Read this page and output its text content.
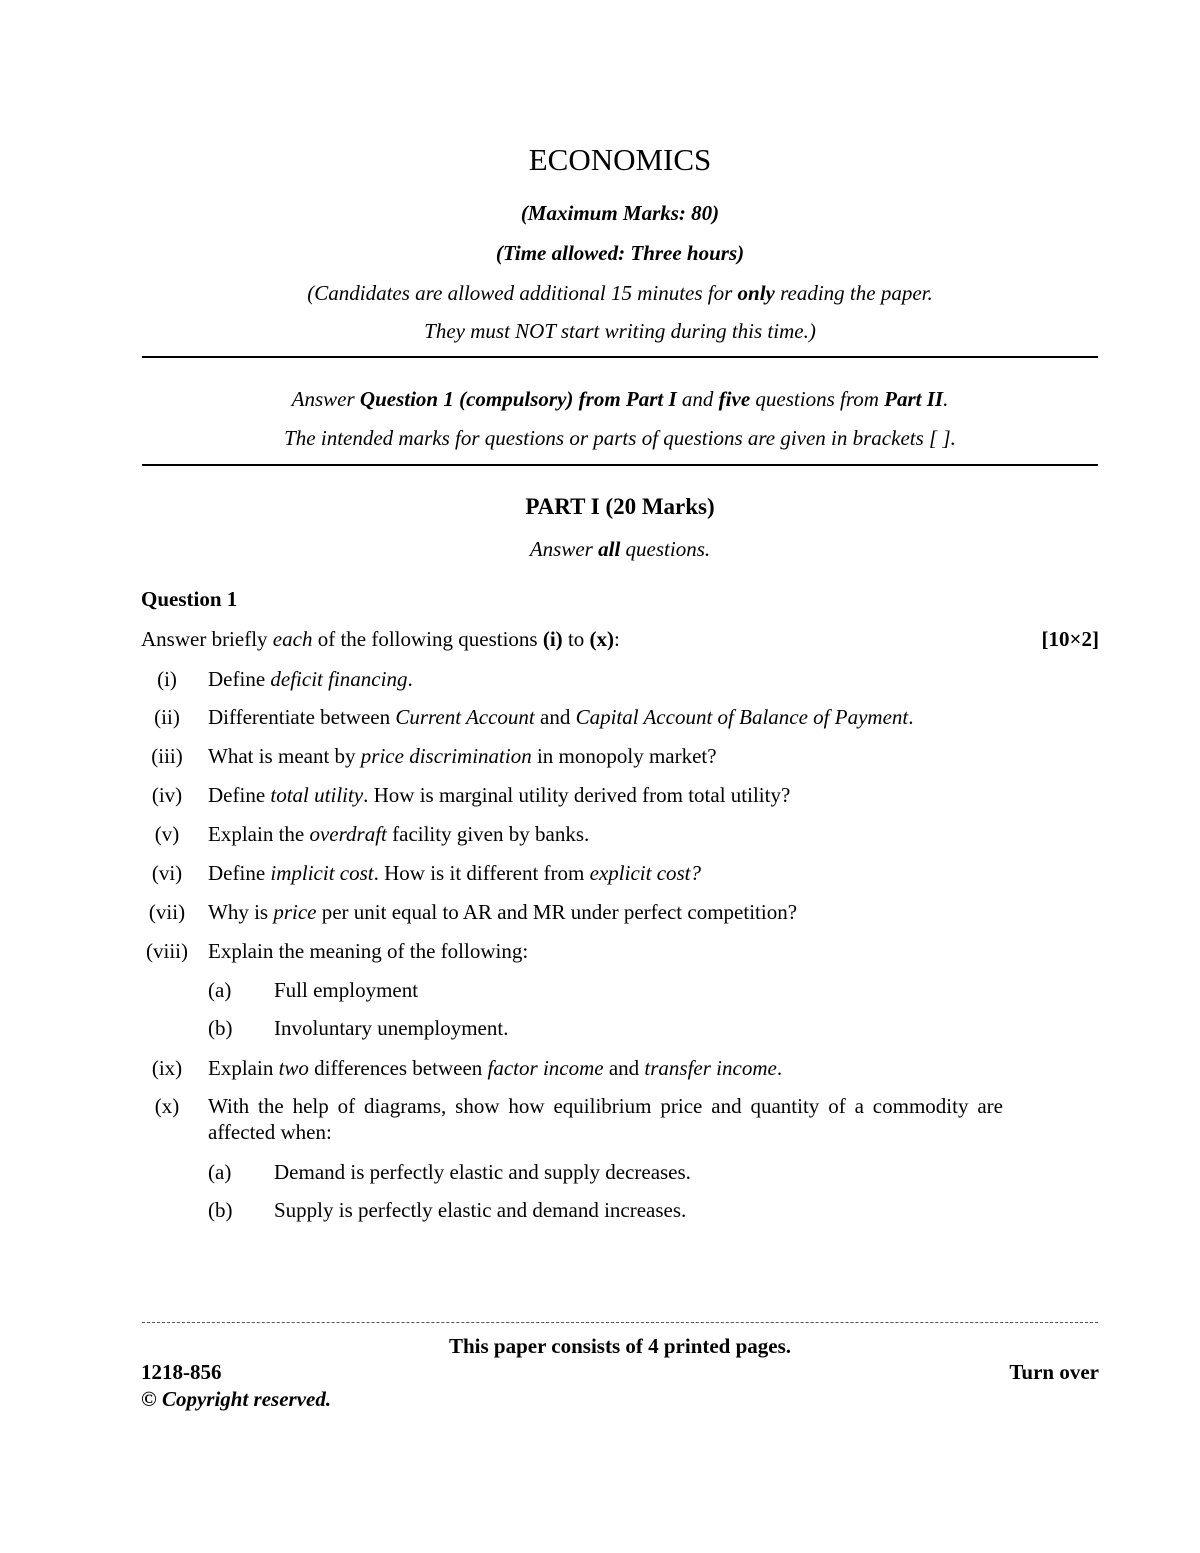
ECONOMICS
(Maximum Marks: 80)
(Time allowed: Three hours)
(Candidates are allowed additional 15 minutes for only reading the paper.
They must NOT start writing during this time.)
Answer Question 1 (compulsory) from Part I and five questions from Part II.
The intended marks for questions or parts of questions are given in brackets [ ].
PART I (20 Marks)
Answer all questions.
Question 1
Answer briefly each of the following questions (i) to (x):	[10×2]
(i)	Define deficit financing.
(ii)	Differentiate between Current Account and Capital Account of Balance of Payment.
(iii)	What is meant by price discrimination in monopoly market?
(iv)	Define total utility. How is marginal utility derived from total utility?
(v)	Explain the overdraft facility given by banks.
(vi)	Define implicit cost. How is it different from explicit cost?
(vii)	Why is price per unit equal to AR and MR under perfect competition?
(viii) Explain the meaning of the following:
(a) Full employment
(b) Involuntary unemployment.
(ix)	Explain two differences between factor income and transfer income.
(x)	With the help of diagrams, show how equilibrium price and quantity of a commodity are affected when:
(a) Demand is perfectly elastic and supply decreases.
(b) Supply is perfectly elastic and demand increases.
This paper consists of 4 printed pages.
1218-856	Turn over
© Copyright reserved.
